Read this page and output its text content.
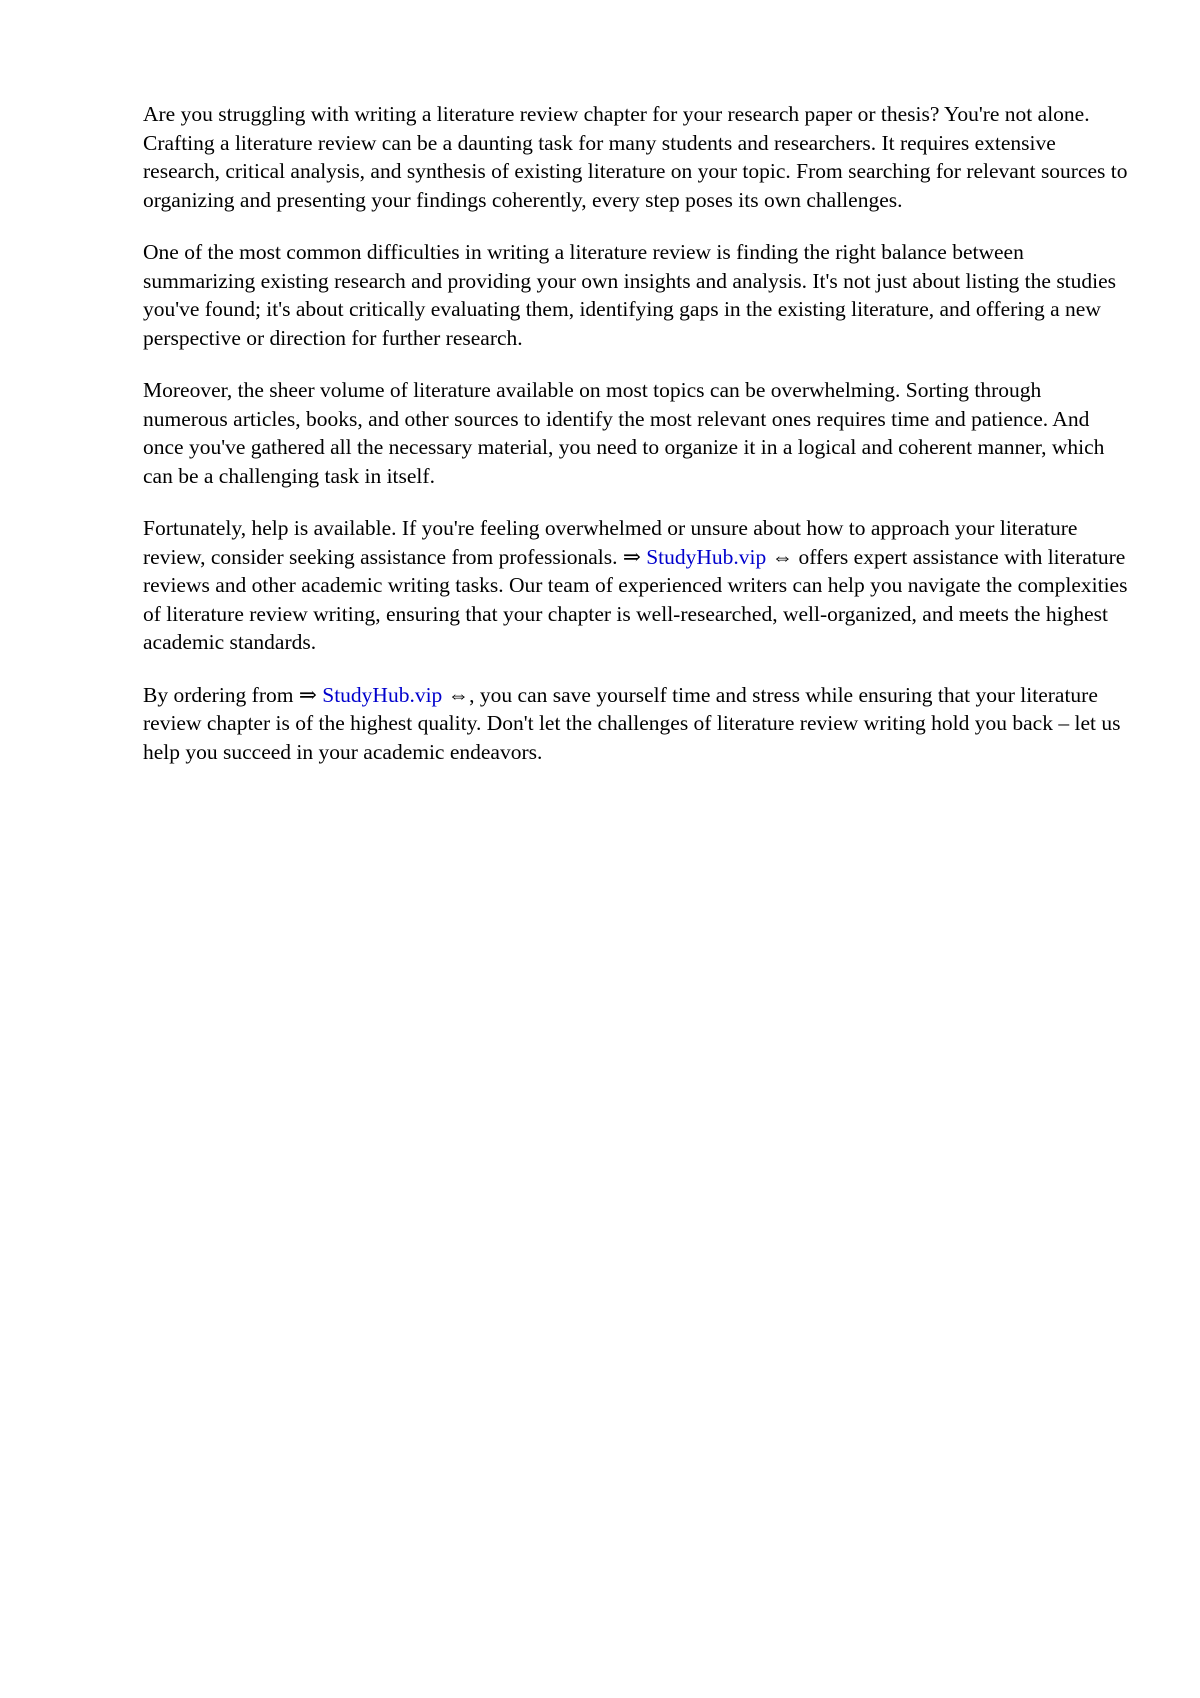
Are you struggling with writing a literature review chapter for your research paper or thesis? You're not alone. Crafting a literature review can be a daunting task for many students and researchers. It requires extensive research, critical analysis, and synthesis of existing literature on your topic. From searching for relevant sources to organizing and presenting your findings coherently, every step poses its own challenges.

One of the most common difficulties in writing a literature review is finding the right balance between summarizing existing research and providing your own insights and analysis. It's not just about listing the studies you've found; it's about critically evaluating them, identifying gaps in the existing literature, and offering a new perspective or direction for further research.

Moreover, the sheer volume of literature available on most topics can be overwhelming. Sorting through numerous articles, books, and other sources to identify the most relevant ones requires time and patience. And once you've gathered all the necessary material, you need to organize it in a logical and coherent manner, which can be a challenging task in itself.

Fortunately, help is available. If you're feeling overwhelmed or unsure about how to approach your literature review, consider seeking assistance from professionals. ⇒ StudyHub.vip ⇔ offers expert assistance with literature reviews and other academic writing tasks. Our team of experienced writers can help you navigate the complexities of literature review writing, ensuring that your chapter is well-researched, well-organized, and meets the highest academic standards.

By ordering from ⇒ StudyHub.vip ⇔, you can save yourself time and stress while ensuring that your literature review chapter is of the highest quality. Don't let the challenges of literature review writing hold you back – let us help you succeed in your academic endeavors.
